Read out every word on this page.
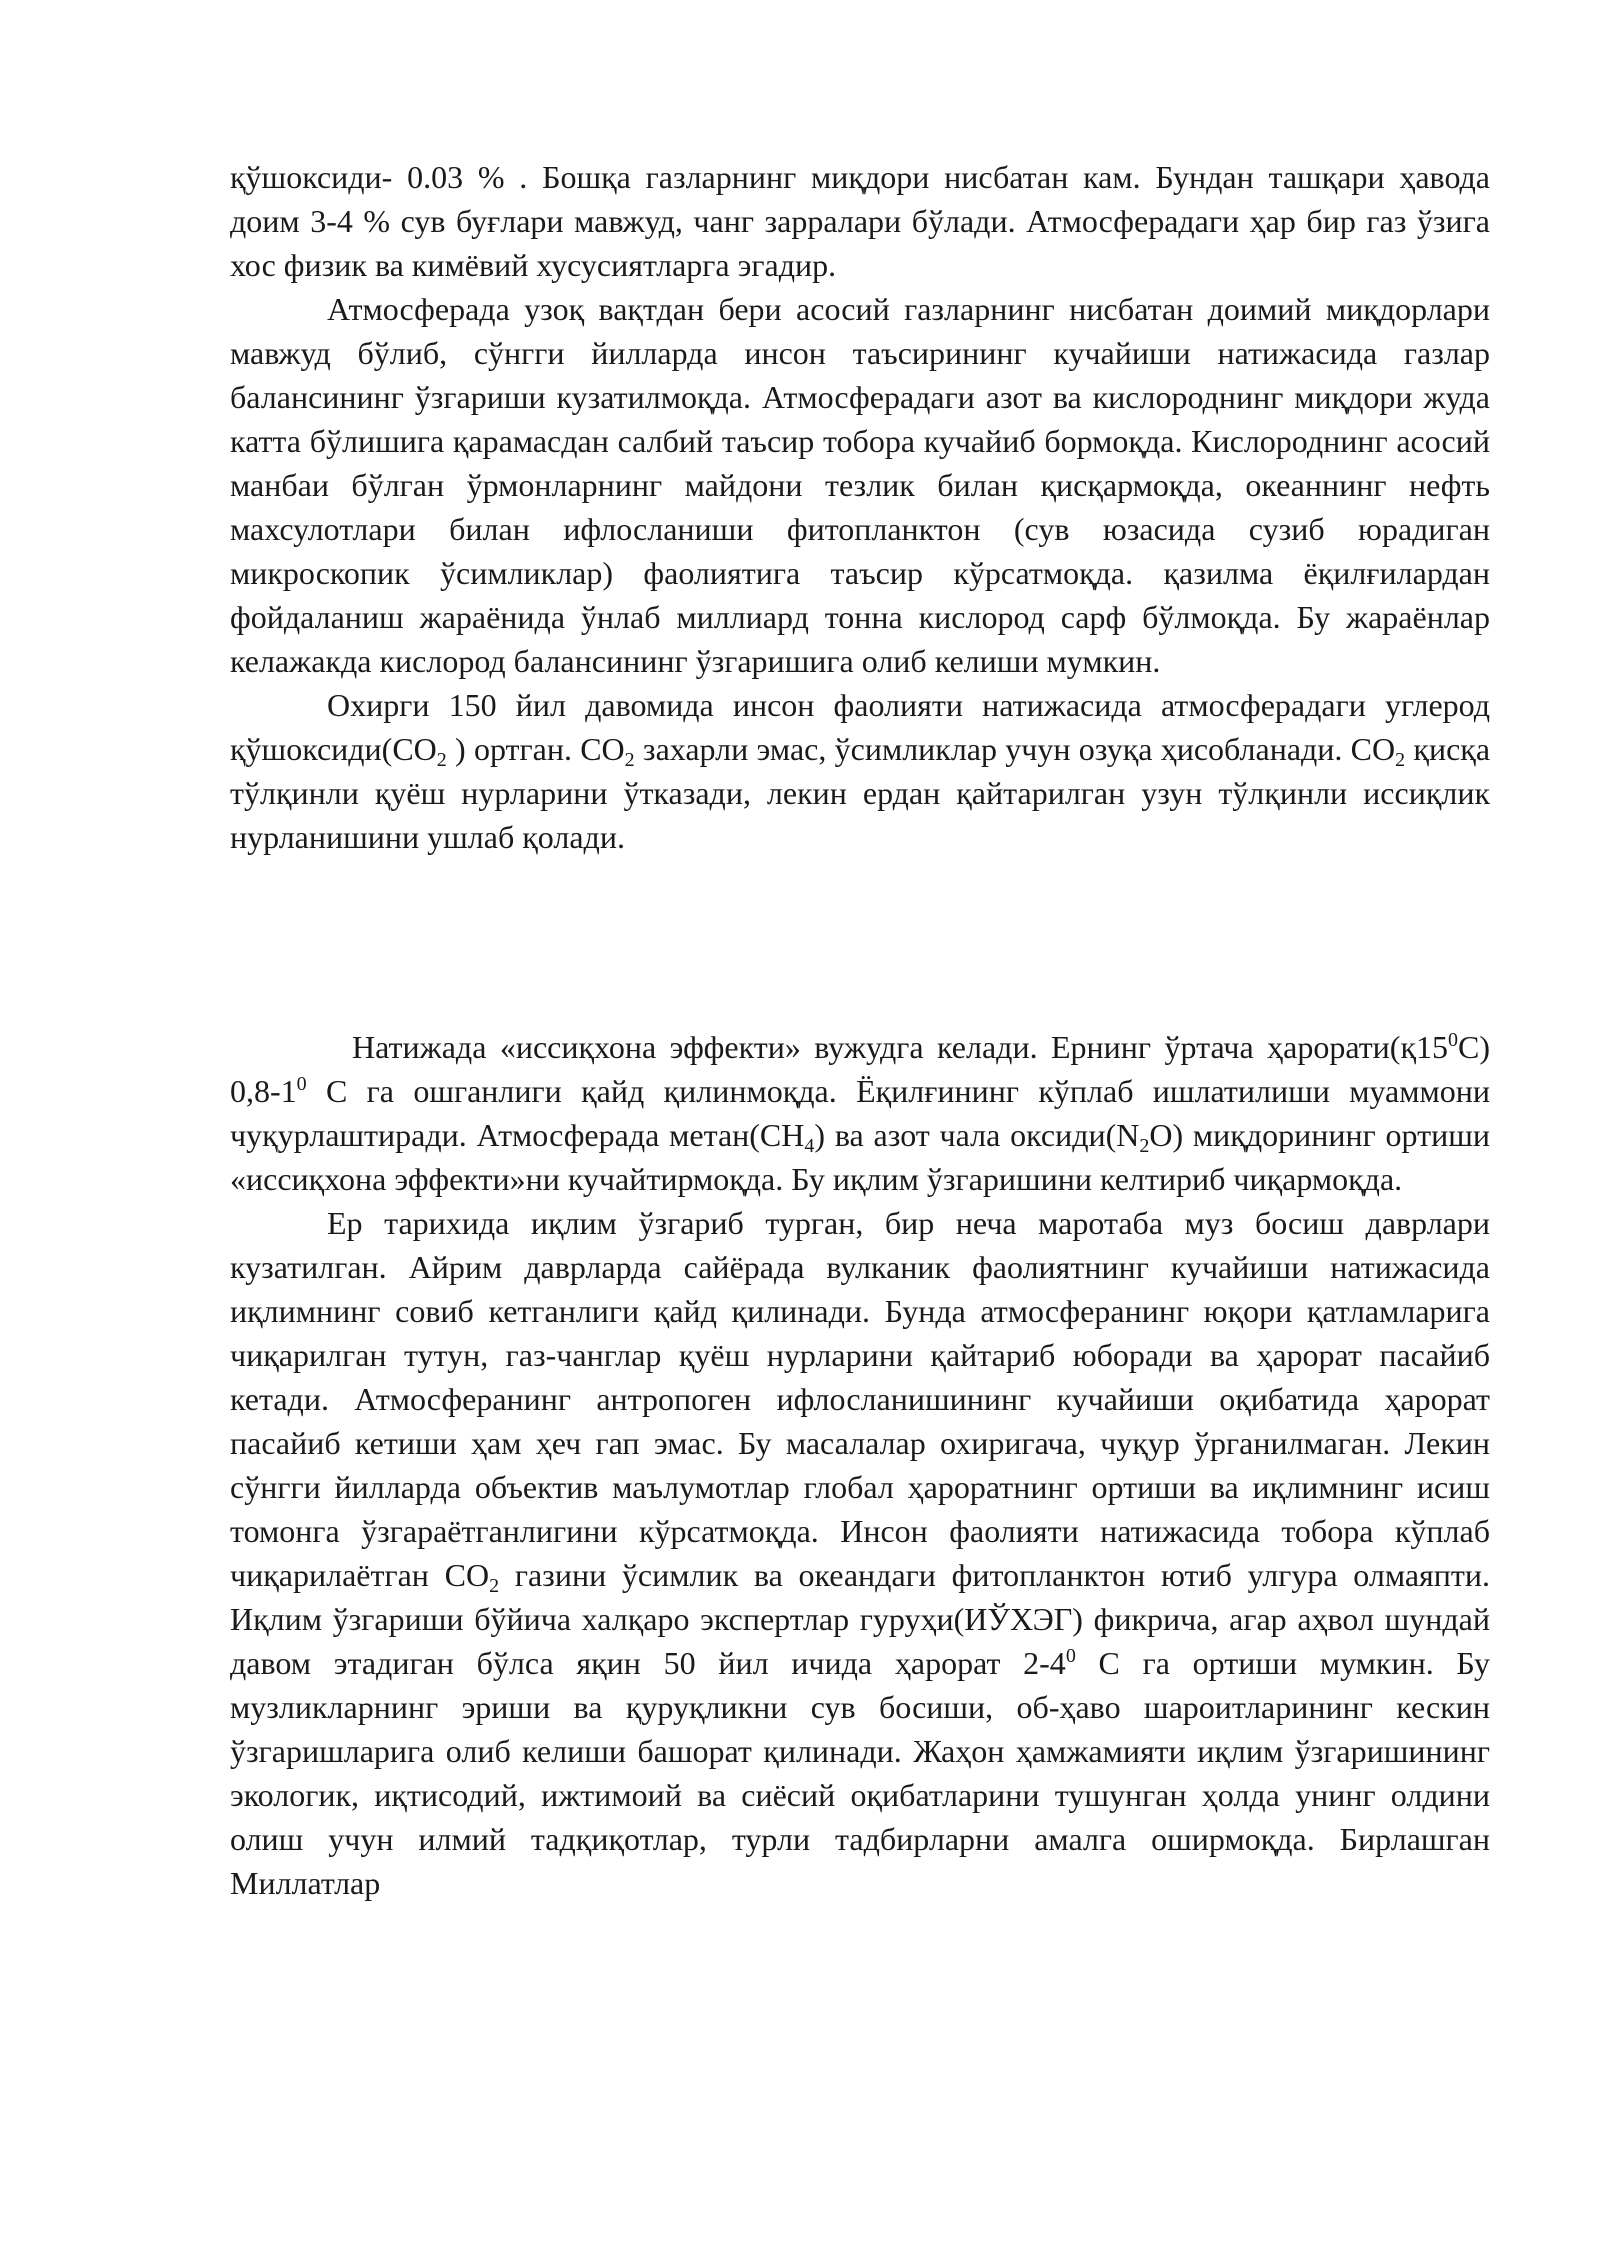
қўшоксиди- 0.03 % . Бошқа газларнинг миқдори нисбатан кам. Бундан ташқари ҳавода доим 3-4 % сув буғлари мавжуд, чанг зарралари бўлади. Атмосферадаги ҳар бир газ ўзига хос физик ва кимёвий хусусиятларга эгадир.

Атмосферада узоқ вақтдан бери асосий газларнинг нисбатан доимий миқдорлари мавжуд бўлиб, сўнгги йилларда инсон таъсирининг кучайиши натижасида газлар балансининг ўзгариши кузатилмоқда. Атмосферадаги азот ва кислороднинг миқдори жуда катта бўлишига қарамасдан салбий таъсир тобора кучайиб бормоқда. Кислороднинг асосий манбаи бўлган ўрмонларнинг майдони тезлик билан қисқармоқда, океаннинг нефть махсулотлари билан ифлосланиши фитопланктон (сув юзасида сузиб юрадиган микроскопик ўсимликлар) фаолиятига таъсир кўрсатмоқда. қазилма ёқилғилардан фойдаланиш жараёнида ўнлаб миллиард тонна кислород сарф бўлмоқда. Бу жараёнлар келажакда кислород балансининг ўзгаришига олиб келиши мумкин.

Охирги 150 йил давомида инсон фаолияти натижасида атмосферадаги углерод $қўшоксиди(CO_2$ ) ортган. $CO_2$ захарли эмас, ўсимликлар учун озуқа ҳисобланади. $CO_2$ қисқа тўлқинли қуёш нурларини ўтказади, лекин ердан қайтарилган узун тўлқинли иссиқлик нурланишини ушлаб қолади.

Натижада «иссиқхона эффекти» вужудга келади. Ернинг ўртача $ҳарорати(қ15^0С)$ $0,8-1^0$ С га ошганлиги қайд қилинмоқда. Ёқилғининг кўплаб ишлатилиши муаммони чуқурлаштиради. Атмосферада $метан(CH_4)$ ва азот чала $оксиди(N_2O)$ миқдорининг ортиши «иссиқхона эффекти»ни кучайтирмоқда. Бу иқлим ўзгаришини келтириб чиқармоқда.

Ер тарихида иқлим ўзгариб турган, бир неча маротаба муз босиш даврлари кузатилган. Айрим даврларда сайёрада вулканик фаолиятнинг кучайиши натижасида иқлимнинг совиб кетганлиги қайд қилинади. Бунда атмосферанинг юқори қатламларига чиқарилган тутун, газ-чанглар қуёш нурларини қайтариб юборади ва ҳарорат пасайиб кетади. Атмосферанинг антропоген ифлосланишининг кучайиши оқибатида ҳарорат пасайиб кетиши ҳам ҳеч гап эмас. Бу масалалар охиригача, чуқур ўрганилмаган. Лекин сўнгги йилларда объектив маълумотлар глобал ҳароратнинг ортиши ва иқлимнинг исиш томонга ўзгараётганлигини кўрсатмоқда. Инсон фаолияти натижасида тобора кўплаб чиқарилаётган $CO_2$ газини ўсимлик ва океандаги фитопланктон ютиб улгура олмаяпти. Иқлим ўзгариши бўйича халқаро экспертлар гуруҳи(ИЎХЭГ) фикрича, агар аҳвол шундай давом этадиган бўлса яқин 50 йил ичида ҳарорат $2-4^0$ С га ортиши мумкин. Бу музликларнинг эриши ва қуруқликни сув босиши, об-ҳаво шароитларининг кескин ўзгаришларига олиб келиши башорат қилинади. Жаҳон ҳамжамияти иқлим ўзгаришининг экологик, иқтисодий, ижтимоий ва сиёсий оқибатларини тушунган ҳолда унинг олдини олиш учун илмий тадқиқотлар, турли тадбирларни амалга оширмоқда. Бирлашган Миллатлар
